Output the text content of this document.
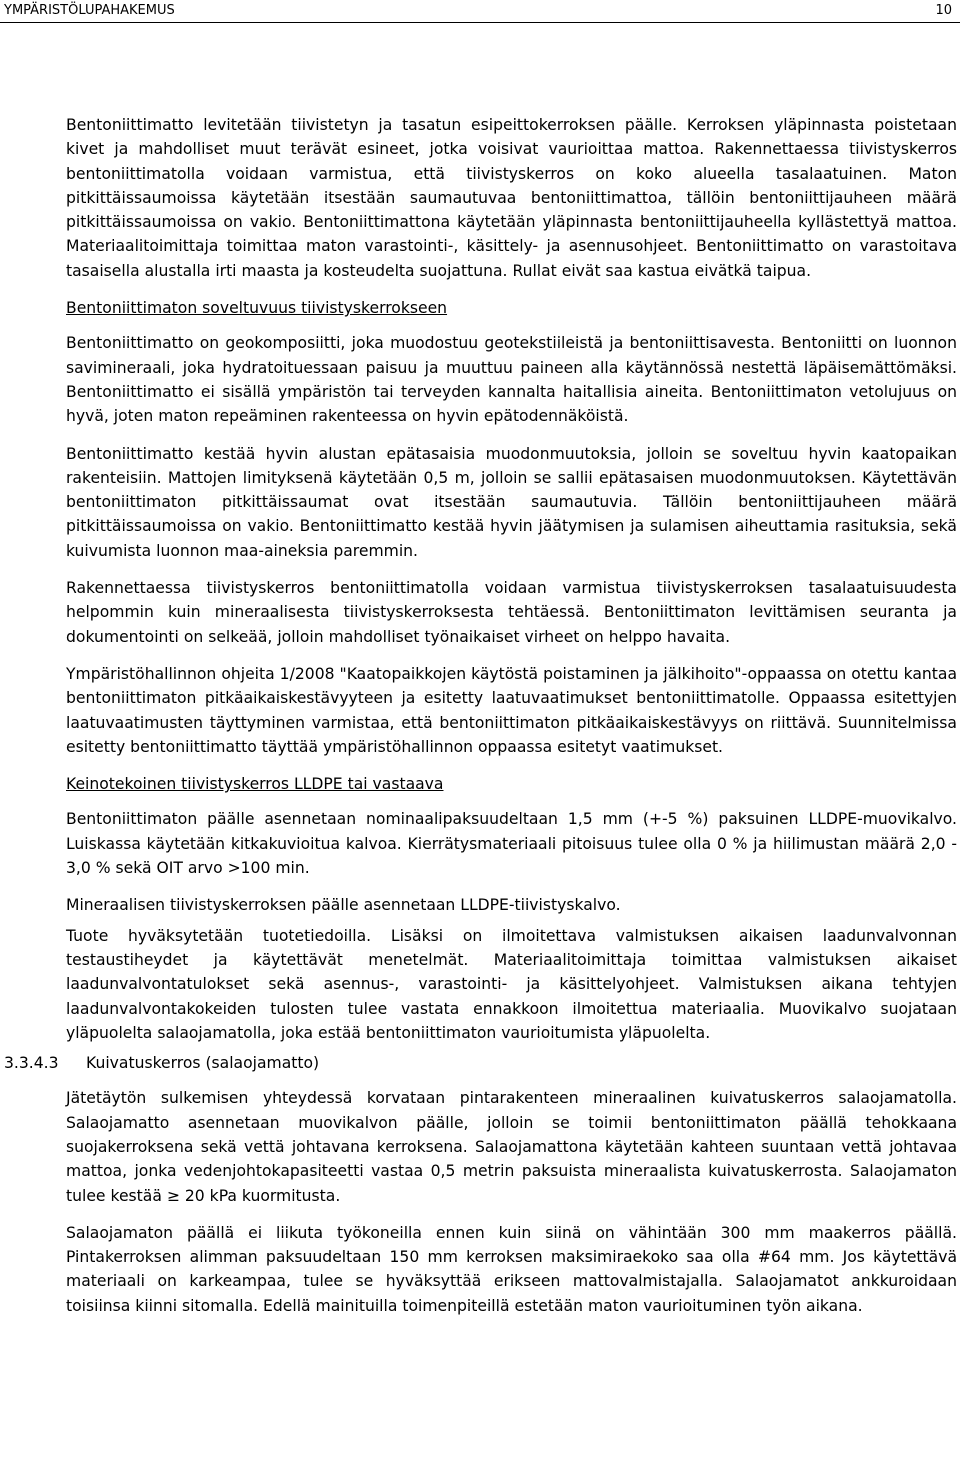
YMPÄRISTÖLUPAHAKEMUS	10

Bentoniittimatto levitetään tiivistetyn ja tasatun esipeittokerroksen päälle. Kerroksen yläpinnasta poistetaan kivet ja mahdolliset muut terävät esineet, jotka voisivat vaurioittaa mattoa. Rakennettaessa tiivistyskerros bentoniittimatolla voidaan varmistua, että tiivistyskerros on koko alueella tasalaatuinen. Maton pitkittäissaumoissa käytetään itsestään saumautuvaa bentoniittimattoa, tällöin bentoniittijauheen määrä pitkittäissaumoissa on vakio. Bentoniittimattona käytetään yläpinnasta bentoniittijauheella kyllästettyä mattoa. Materiaalitoimittaja toimittaa maton varastointi-, käsittely- ja asennusohjeet. Bentoniittimatto on varastoitava tasaisella alustalla irti maasta ja kosteudelta suojattuna. Rullat eivät saa kastua eivätkä taipua.

Bentoniittimaton soveltuvuus tiivistyskerrokseen

Bentoniittimatto on geokomposiitti, joka muodostuu geotekstiileistä ja bentoniittisavesta. Bentoniitti on luonnon savimineraali, joka hydratoituessaan paisuu ja muuttuu paineen alla käytännössä nestettä läpäisemättömäksi. Bentoniittimatto ei sisällä ympäristön tai terveyden kannalta haitallisia aineita. Bentoniittimaton vetolujuus on hyvä, joten maton repeäminen rakenteessa on hyvin epätodennäköistä.

Bentoniittimatto kestää hyvin alustan epätasaisia muodonmuutoksia, jolloin se soveltuu hyvin kaatopaikan rakenteisiin. Mattojen limityksenä käytetään 0,5 m, jolloin se sallii epätasaisen muodonmuutoksen. Käytettävän bentoniittimaton pitkittäissaumat ovat itsestään saumautuvia. Tällöin bentoniittijauheen määrä pitkittäissaumoissa on vakio. Bentoniittimatto kestää hyvin jäätymisen ja sulamisen aiheuttamia rasituksia, sekä kuivumista luonnon maa-aineksia paremmin.

Rakennettaessa tiivistyskerros bentoniittimatolla voidaan varmistua tiivistyskerroksen tasalaatuisuudesta helpommin kuin mineraalisesta tiivistyskerroksesta tehtäessä. Bentoniittimaton levittämisen seuranta ja dokumentointi on selkeää, jolloin mahdolliset työnaikaiset virheet on helppo havaita.

Ympäristöhallinnon ohjeita 1/2008 "Kaatopaikkojen käytöstä poistaminen ja jälkihoito"-oppaassa on otettu kantaa bentoniittimaton pitkäaikaiskestävyyteen ja esitetty laatuvaatimukset bentoniittimatolle. Oppaassa esitettyjen laatuvaatimusten täyttyminen varmistaa, että bentoniittimaton pitkäaikaiskestävyys on riittävä. Suunnitelmissa esitetty bentoniittimatto täyttää ympäristöhallinnon oppaassa esitetyt vaatimukset.

Keinotekoinen tiivistyskerros LLDPE tai vastaava

Bentoniittimaton päälle asennetaan nominaalipaksuudeltaan 1,5 mm (+-5 %) paksuinen LLDPE-muovikalvo. Luiskassa käytetään kitkakuvioitua kalvoa. Kierrätysmateriaali pitoisuus tulee olla 0 % ja hiilimustan määrä 2,0 - 3,0 % sekä OIT arvo >100 min.

Mineraalisen tiivistyskerroksen päälle asennetaan LLDPE-tiivistyskalvo.

Tuote hyväksytetään tuotetiedoilla. Lisäksi on ilmoitettava valmistuksen aikaisen laadunvalvonnan testaustiheydet ja käytettävät menetelmät. Materiaalitoimittaja toimittaa valmistuksen aikaiset laadunvalvontatulokset sekä asennus-, varastointi- ja käsittelyohjeet. Valmistuksen aikana tehtyjen laadunvalvontakokeiden tulosten tulee vastata ennakkoon ilmoitettua materiaalia. Muovikalvo suojataan yläpuolelta salaojamatolla, joka estää bentoniittimaton vaurioitumista yläpuolelta.

3.3.4.3 Kuivatuskerros (salaojamatto)

Jätetäytön sulkemisen yhteydessä korvataan pintarakenteen mineraalinen kuivatuskerros salaojamatolla. Salaojamatto asennetaan muovikalvon päälle, jolloin se toimii bentoniittimaton päällä tehokkaana suojakerroksena sekä vettä johtavana kerroksena. Salaojamattona käytetään kahteen suuntaan vettä johtavaa mattoa, jonka vedenjohtokapasiteetti vastaa 0,5 metrin paksuista mineraalista kuivatuskerrosta. Salaojamaton tulee kestää ≥ 20 kPa kuormitusta.

Salaojamaton päällä ei liikuta työkoneilla ennen kuin siinä on vähintään 300 mm maakerros päällä. Pintakerroksen alimman paksuudeltaan 150 mm kerroksen maksimiraekoko saa olla #64 mm. Jos käytettävä materiaali on karkeampaa, tulee se hyväksyttää erikseen mattovalmistajalla. Salaojamatot ankkuroidaan toisiinsa kiinni sitomalla. Edellä mainituilla toimenpiteillä estetään maton vaurioituminen työn aikana.
